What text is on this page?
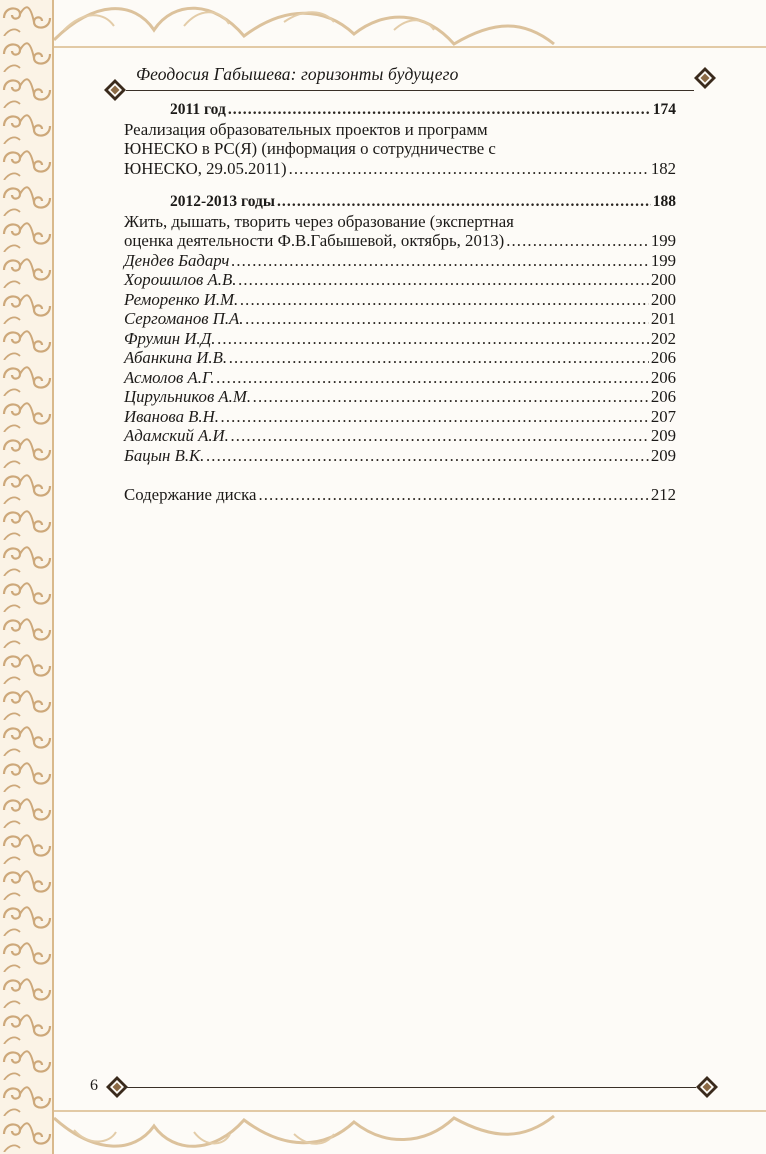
Феодосия Габышева: горизонты будущего
2011 год .....	174
Реализация образовательных проектов и программ
ЮНЕСКО в РС(Я) (информация о сотрудничестве с
ЮНЕСКО, 29.05.2011) .....	182
2012-2013 годы .....	188
Жить, дышать, творить через образование (экспертная
оценка деятельности Ф.В.Габышевой, октябрь, 2013) .....	199
Дендев Бадарч .....	199
Хорошилов А.В. .....	200
Реморенко И.М. .....	200
Сергоманов П.А. .....	201
Фрумин И.Д. .....	202
Абанкина И.В. .....	206
Асмолов А.Г. .....	206
Цирульников А.М. .....	206
Иванова В.Н. .....	207
Адамский А.И. .....	209
Бацын В.К. .....	209
Содержание диска .....	212
6
